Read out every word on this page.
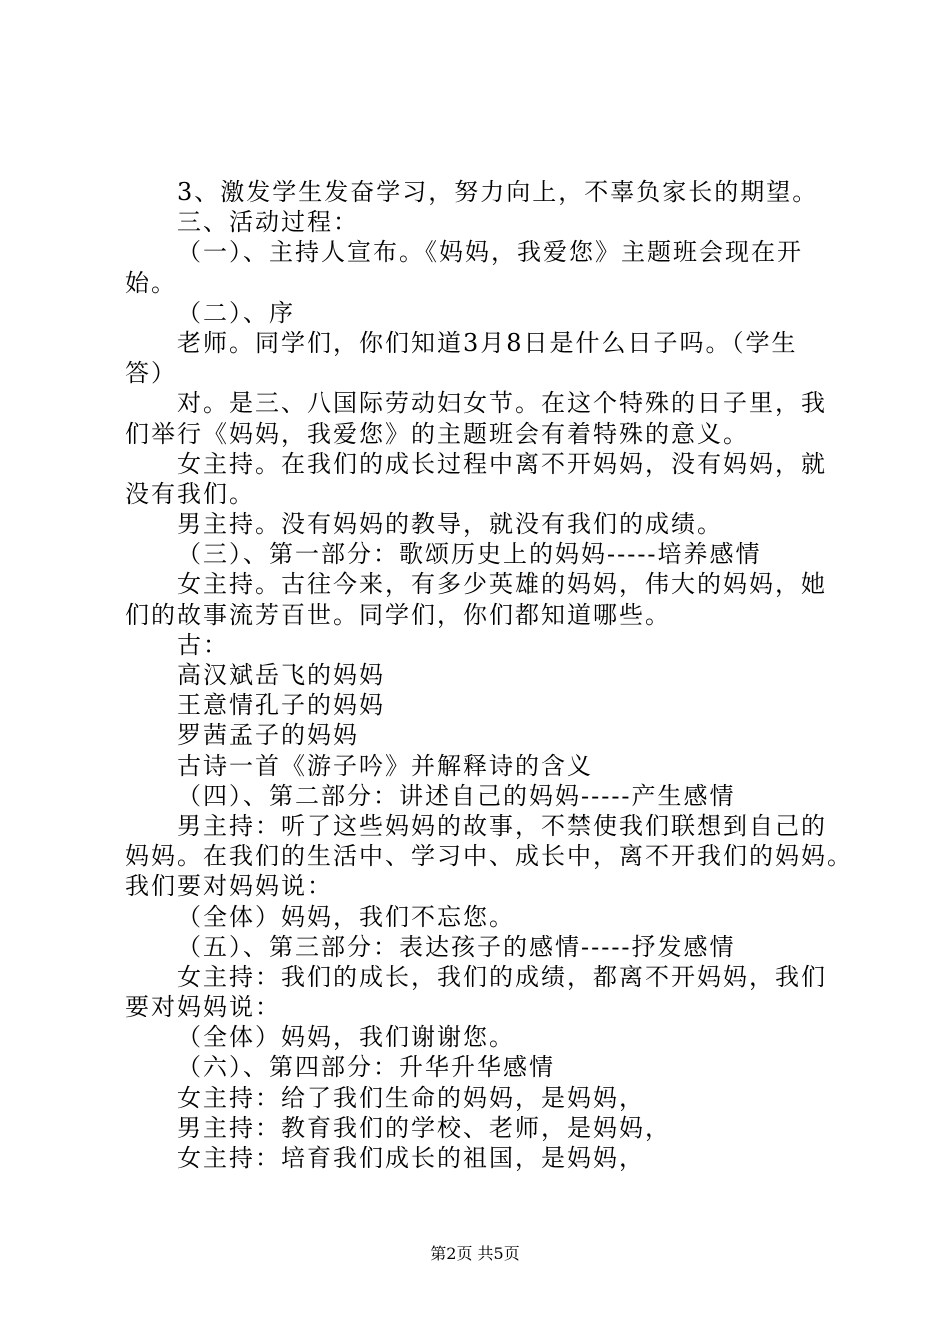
3、激发学生发奋学习，努力向上，不辜负家长的期望。
三、活动过程：
（一）、主持人宣布。《妈妈，我爱您》主题班会现在开
始。
（二）、序
老师。同学们，你们知道3月8日是什么日子吗。（学生
答）
对。是三、八国际劳动妇女节。在这个特殊的日子里，我
们举行《妈妈，我爱您》的主题班会有着特殊的意义。
女主持。在我们的成长过程中离不开妈妈，没有妈妈，就
没有我们。
男主持。没有妈妈的教导，就没有我们的成绩。
（三）、第一部分：歌颂历史上的妈妈-----培养感情
女主持。古往今来，有多少英雄的妈妈，伟大的妈妈，她
们的故事流芳百世。同学们，你们都知道哪些。
古：
高汉斌岳飞的妈妈
王意情孔子的妈妈
罗茜孟子的妈妈
古诗一首《游子吟》并解释诗的含义
（四）、第二部分：讲述自己的妈妈-----产生感情
男主持：听了这些妈妈的故事，不禁使我们联想到自己的
妈妈。在我们的生活中、学习中、成长中，离不开我们的妈妈。
我们要对妈妈说：
（全体）妈妈，我们不忘您。
（五）、第三部分：表达孩子的感情-----抒发感情
女主持：我们的成长，我们的成绩，都离不开妈妈，我们
要对妈妈说：
（全体）妈妈，我们谢谢您。
（六）、第四部分：升华升华感情
女主持：给了我们生命的妈妈，是妈妈，
男主持：教育我们的学校、老师，是妈妈，
女主持：培育我们成长的祖国，是妈妈，
第2页 共5页
